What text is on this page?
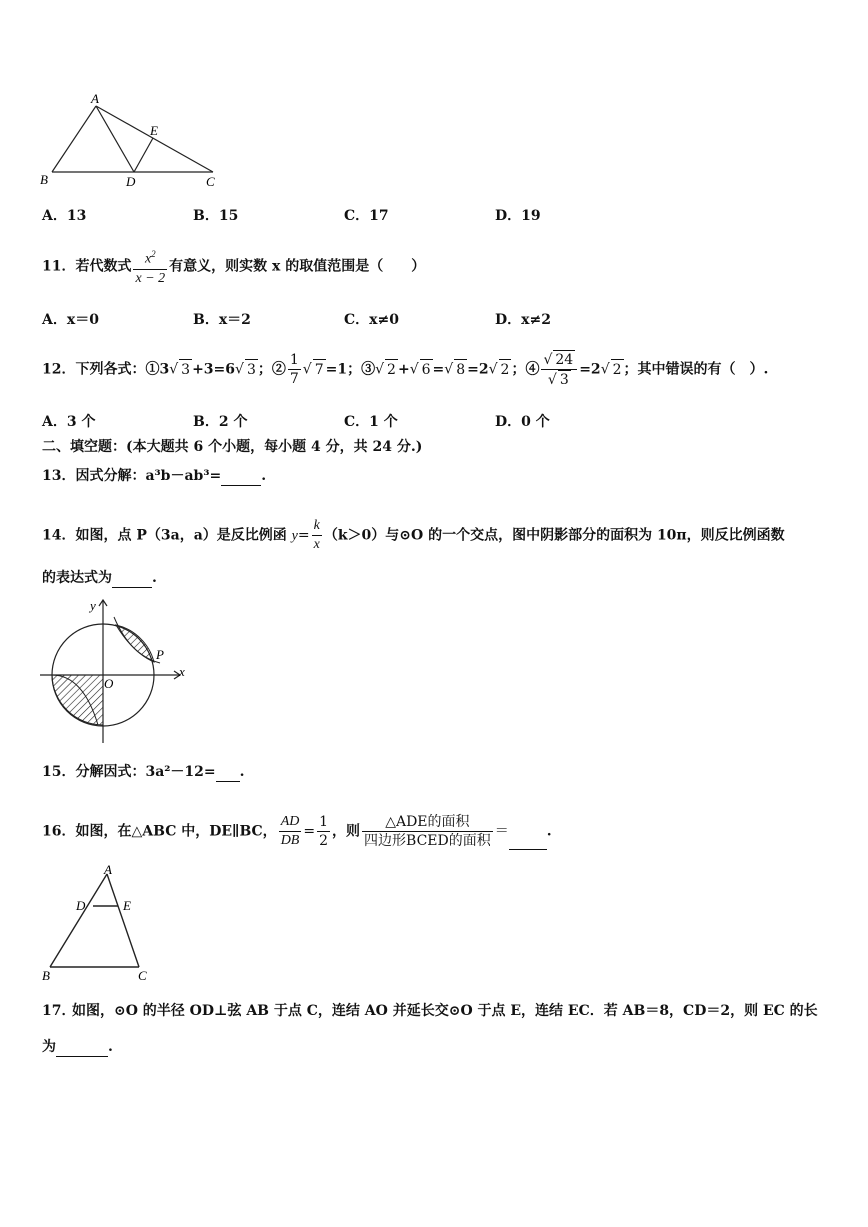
A
B	C
D
E
A．13	B．15	C．17	D．19
11．若代数式 $\frac{x^2}{x - 2}$ 有意义，则实数 x 的取值范围是（　　）
A．x＝0	B．x＝2	C．x≠0	D．x≠2
12．下列各式：①3√ 3 +3=6√ 3 ；② $\frac{1}{7}$ √ 7 =1；③√ 2 +√ 6 =√ 8 =2√ 2 ；④ $\frac{√ 24}{√ 3} =2√$ 2 ；其中错误的有（　）.
A．3 个	B．2 个	C．1 个	D．0 个
二、填空题：(本大题共 6 个小题，每小题 4 分，共 24 分.)
13．因式分解：a³b－ab³=	.
14．如图，点 P（3a，a）是反比例函 $y= \frac{k}{x} (k>0)$与⊙O 的一个交点，图中阴影部分的面积为 10π，则反比例函数
的表达式为	.
y
x
O
P
15．分解因式：3a²－12= .
16．如图，在△ABC 中，DE∥BC， $\frac{AD}{DB} = \frac{1}{2}$ ，则 $\frac{\text{△ADE的面积}}{\text{四边形BCED的面积}}$ ＝	.
A
D	E
B	C
17．
如图，⊙O 的半径 OD⊥弦 AB 于点 C，连结 AO 并延长交⊙O 于点 E，连结 EC．若 AB＝8，CD＝2，则 EC 的长
为	.
